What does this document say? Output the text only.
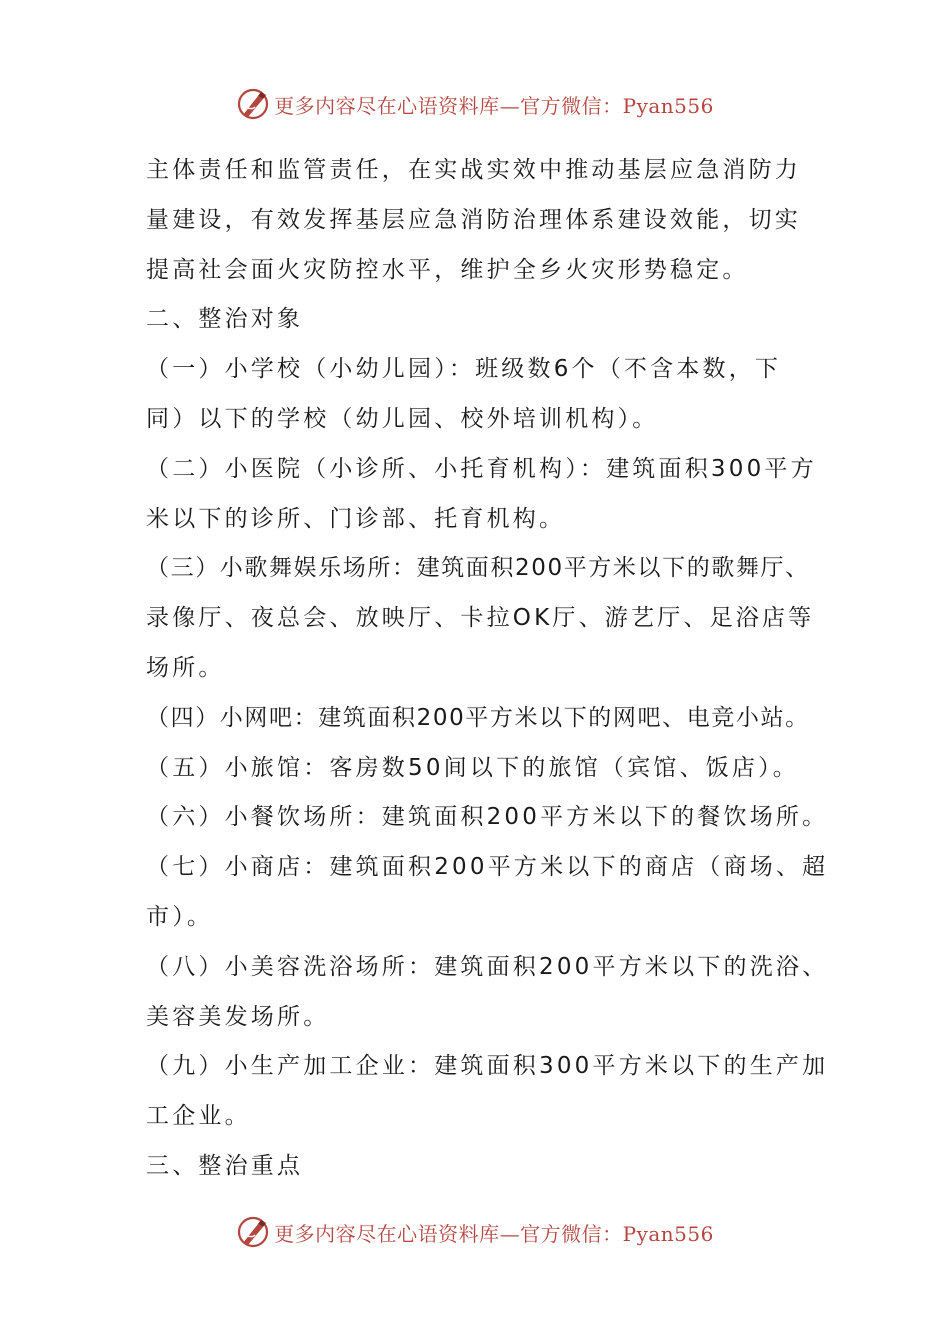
更多内容尽在心语资料库—官方微信：Pyan556
主体责任和监管责任，在实战实效中推动基层应急消防力
量建设，有效发挥基层应急消防治理体系建设效能，切实
提高社会面火灾防控水平，维护全乡火灾形势稳定。
二、整治对象
（一）小学校（小幼儿园）：班级数6个（不含本数，下
同）以下的学校（幼儿园、校外培训机构）。
（二）小医院（小诊所、小托育机构）：建筑面积300平方
米以下的诊所、门诊部、托育机构。
（三）小歌舞娱乐场所：建筑面积200平方米以下的歌舞厅、
录像厅、夜总会、放映厅、卡拉OK厅、游艺厅、足浴店等
场所。
（四）小网吧：建筑面积200平方米以下的网吧、电竞小站。
（五）小旅馆：客房数50间以下的旅馆（宾馆、饭店）。
（六）小餐饮场所：建筑面积200平方米以下的餐饮场所。
（七）小商店：建筑面积200平方米以下的商店（商场、超
市）。
（八）小美容洗浴场所：建筑面积200平方米以下的洗浴、
美容美发场所。
（九）小生产加工企业：建筑面积300平方米以下的生产加
工企业。
三、整治重点
更多内容尽在心语资料库—官方微信：Pyan556
